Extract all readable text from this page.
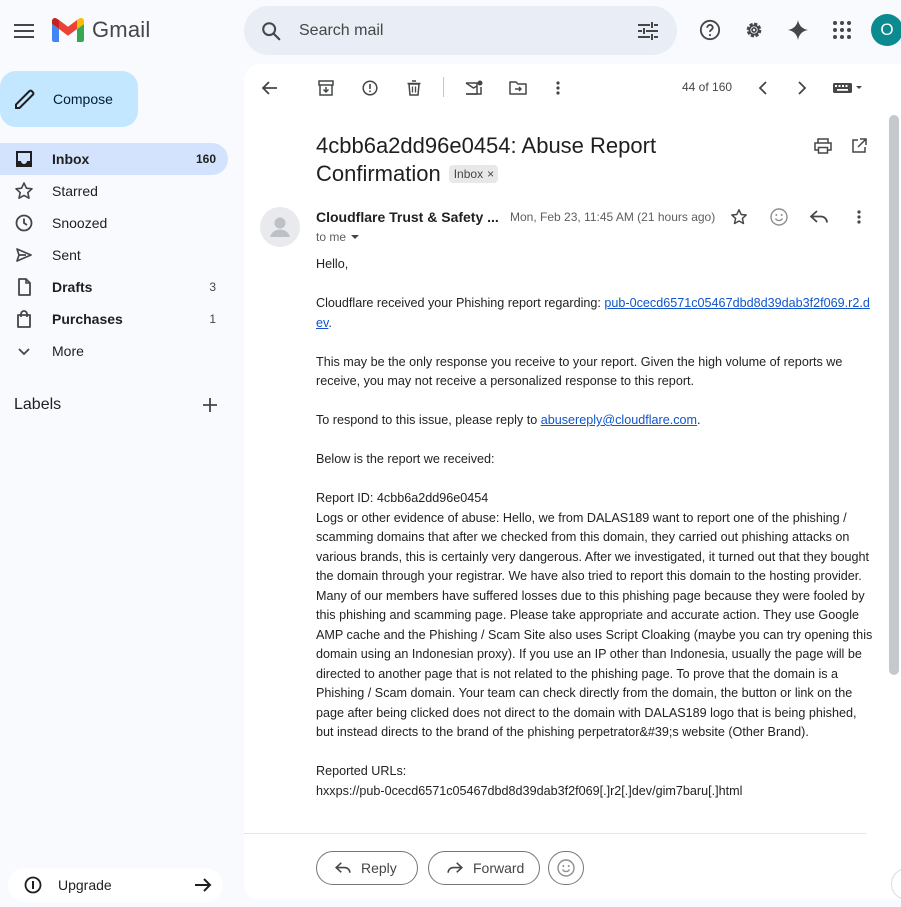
Gmail
Search mail	O
Compose
Inbox	160
Starred
Snoozed
Sent
Drafts	3
Purchases	1
More
Labels
Upgrade
44 of 160
4cbb6a2dd96e0454: Abuse Report Confirmation Inbox ×
Cloudflare Trust & Safety ... Mon, Feb 23, 11:45 AM (21 hours ago)
to me

Hello,

Cloudflare received your Phishing report regarding: pub-0cecd6571c05467dbd8d39dab3f2f069.r2.dev.

This may be the only response you receive to your report. Given the high volume of reports we receive, you may not receive a personalized response to this report.

To respond to this issue, please reply to abusereply@cloudflare.com.

Below is the report we received:

Report ID: 4cbb6a2dd96e0454

Logs or other evidence of abuse: Hello, we from DALAS189 want to report one of the phishing / scamming domains that after we checked from this domain, they carried out phishing attacks on various brands, this is certainly very dangerous. After we investigated, it turned out that they bought the domain through your registrar. We have also tried to report this domain to the hosting provider. Many of our members have suffered losses due to this phishing page because they were fooled by this phishing and scamming page. Please take appropriate and accurate action. They use Google AMP cache and the Phishing / Scam Site also uses Script Cloaking (maybe you can try opening this domain using an Indonesian proxy). If you use an IP other than Indonesia, usually the page will be directed to another page that is not related to the phishing page. To prove that the domain is a Phishing / Scam domain. Your team can check directly from the domain, the button or link on the page after being clicked does not direct to the domain with DALAS189 logo that is being phished, but instead directs to the brand of the phishing perpetrator&#39;s website (Other Brand).

Reported URLs:

hxxps://pub-0cecd6571c05467dbd8d39dab3f2f069[.]r2[.]dev/gim7baru[.]html

Reply	Forward
